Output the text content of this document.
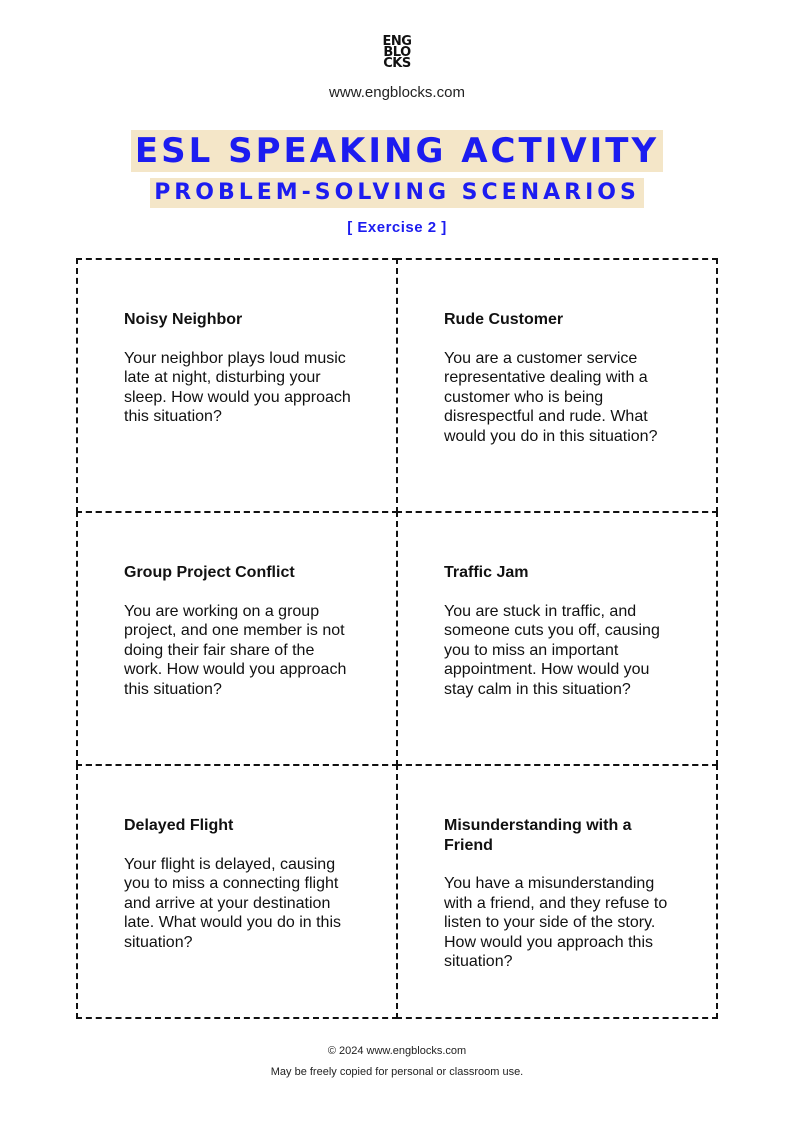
ENG
BLO
CKS
www.engblocks.com
ESL SPEAKING ACTIVITY
PROBLEM-SOLVING SCENARIOS
[ Exercise 2 ]

Noisy Neighbor

Your neighbor plays loud music late at night, disturbing your sleep. How would you approach this situation?

Rude Customer

You are a customer service representative dealing with a customer who is being disrespectful and rude. What would you do in this situation?

Group Project Conflict

You are working on a group project, and one member is not doing their fair share of the work. How would you approach this situation?

Traffic Jam

You are stuck in traffic, and someone cuts you off, causing you to miss an important appointment. How would you stay calm in this situation?

Delayed Flight

Your flight is delayed, causing you to miss a connecting flight and arrive at your destination late. What would you do in this situation?

Misunderstanding with a Friend

You have a misunderstanding with a friend, and they refuse to listen to your side of the story. How would you approach this situation?

© 2024 www.engblocks.com
May be freely copied for personal or classroom use.
